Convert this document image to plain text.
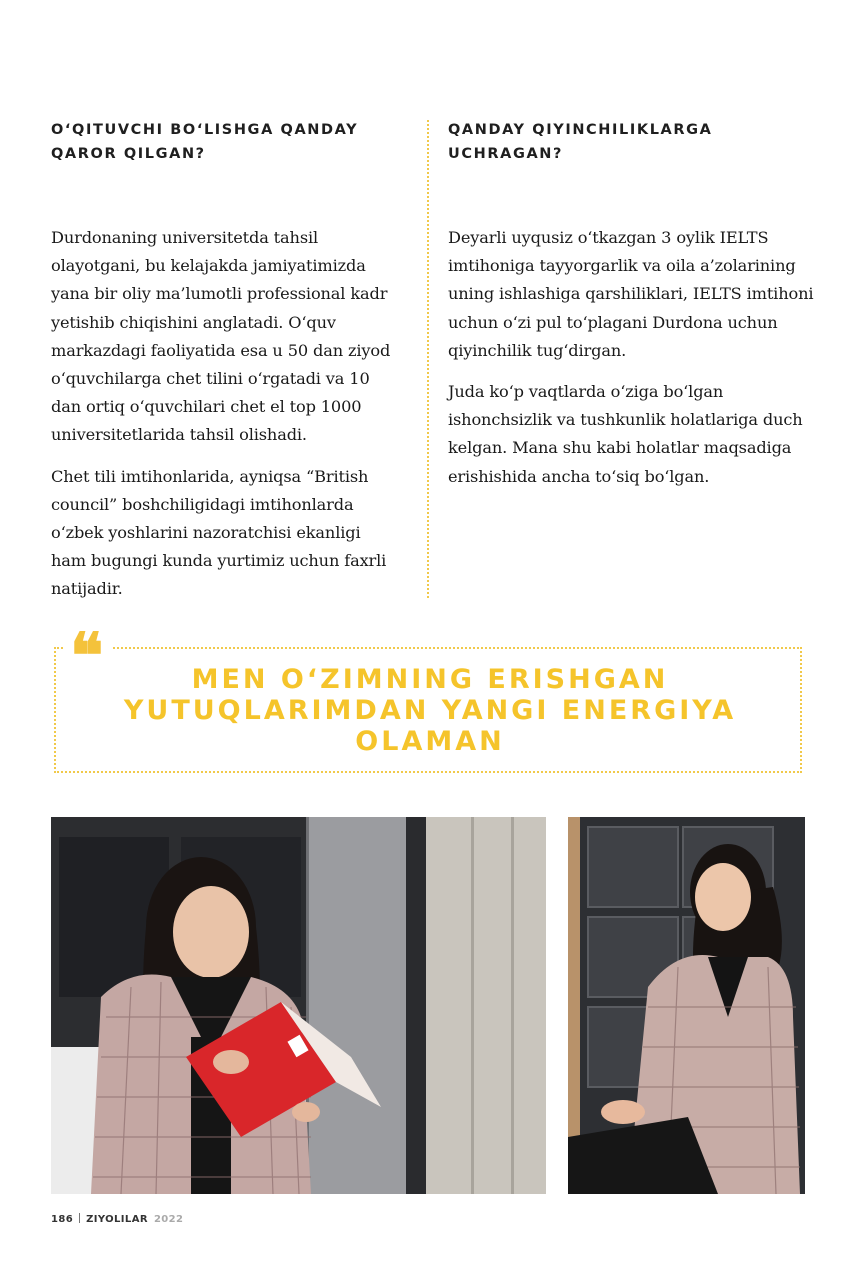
O‘QITUVCHI BO‘LISHGA QANDAY
QAROR QILGAN?

Durdonaning universitetda tahsil olayotgani, bu kelajakda jamiyatimizda yana bir oliy ma’lumotli professional kadr yetishib chiqishini anglatadi. O‘quv markazdagi faoliyatida esa u 50 dan ziyod o‘quvchilarga chet tilini o‘rgatadi va 10 dan ortiq o‘quvchilari chet el top 1000 universitetlarida tahsil olishadi.

Chet tili imtihonlarida, ayniqsa “British council” boshchiligidagi imtihonlarda o‘zbek yoshlarini nazoratchisi ekanligi ham bugungi kunda yurtimiz uchun faxrli natijadir.

QANDAY QIYINCHILIKLARGA
UCHRAGAN?

Deyarli uyqusiz o‘tkazgan 3 oylik IELTS imtihoniga tayyorgarlik va oila a’zolarining uning ishlashiga qarshiliklari, IELTS imtihoni uchun o‘zi pul to‘plagani Durdona uchun qiyinchilik tug‘dirgan.

Juda ko‘p vaqtlarda o‘ziga bo‘lgan ishonchsizlik va tushkunlik holatlariga duch kelgan. Mana shu kabi holatlar maqsadiga erishishida ancha to‘siq bo‘lgan.

❝	MEN O‘ZIMNING ERISHGAN
YUTUQLARIMDAN YANGI ENERGIYA
OLAMAN
186 ZIYOLILAR 2022
